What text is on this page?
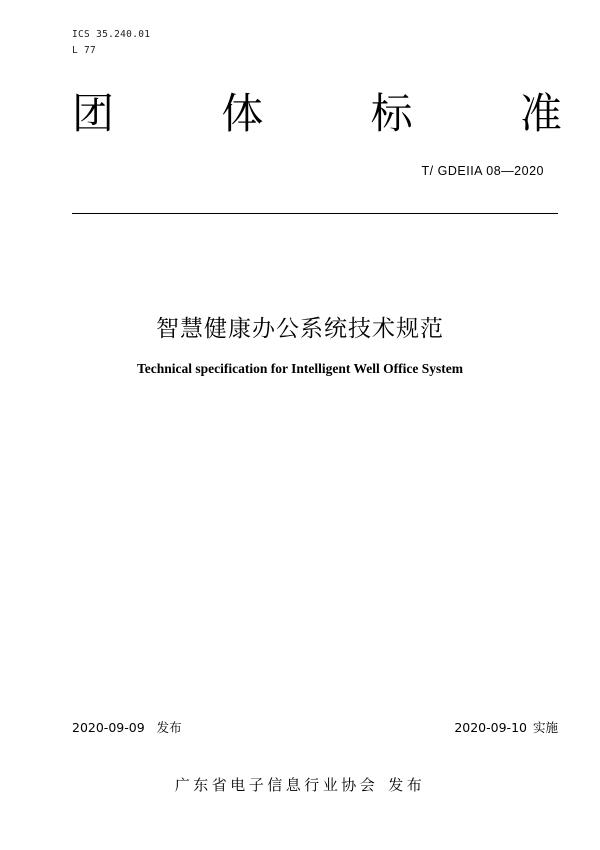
ICS 35.240.01
L 77
团	体	标	准
T/ GDEIIA 08—2020
智慧健康办公系统技术规范
Technical specification for Intelligent Well Office System
2020-09-09 发布	2020-09-10 实施
广东省电子信息行业协会 发布
